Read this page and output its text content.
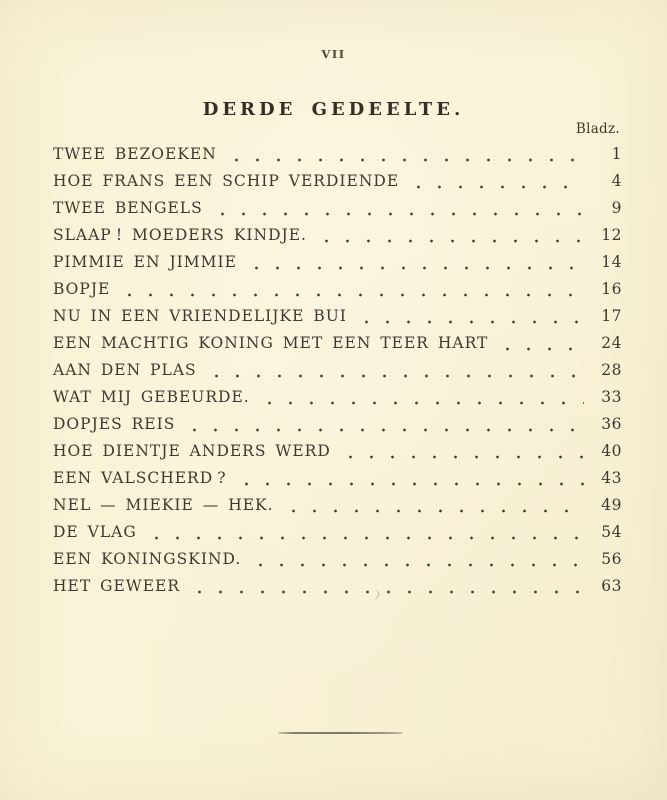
VII
DERDE GEDEELTE.
Bladz.
TWEE BEZOEKEN	1
HOE FRANS EEN SCHIP VERDIENDE	4
TWEE BENGELS	9
SLAAP ! MOEDERS KINDJE.	12
PIMMIE EN JIMMIE	14
BOPJE	16
NU IN EEN VRIENDELIJKE BUI	17
EEN MACHTIG KONING MET EEN TEER HART	24
AAN DEN PLAS	28
WAT MIJ GEBEURDE.	33
DOPJES REIS	36
HOE DIENTJE ANDERS WERD	40
EEN VALSCHERD ?	43
NEL — MIEKIE — HEK.	49
DE VLAG	54
EEN KONINGSKIND.	56
HET GEWEER	63
